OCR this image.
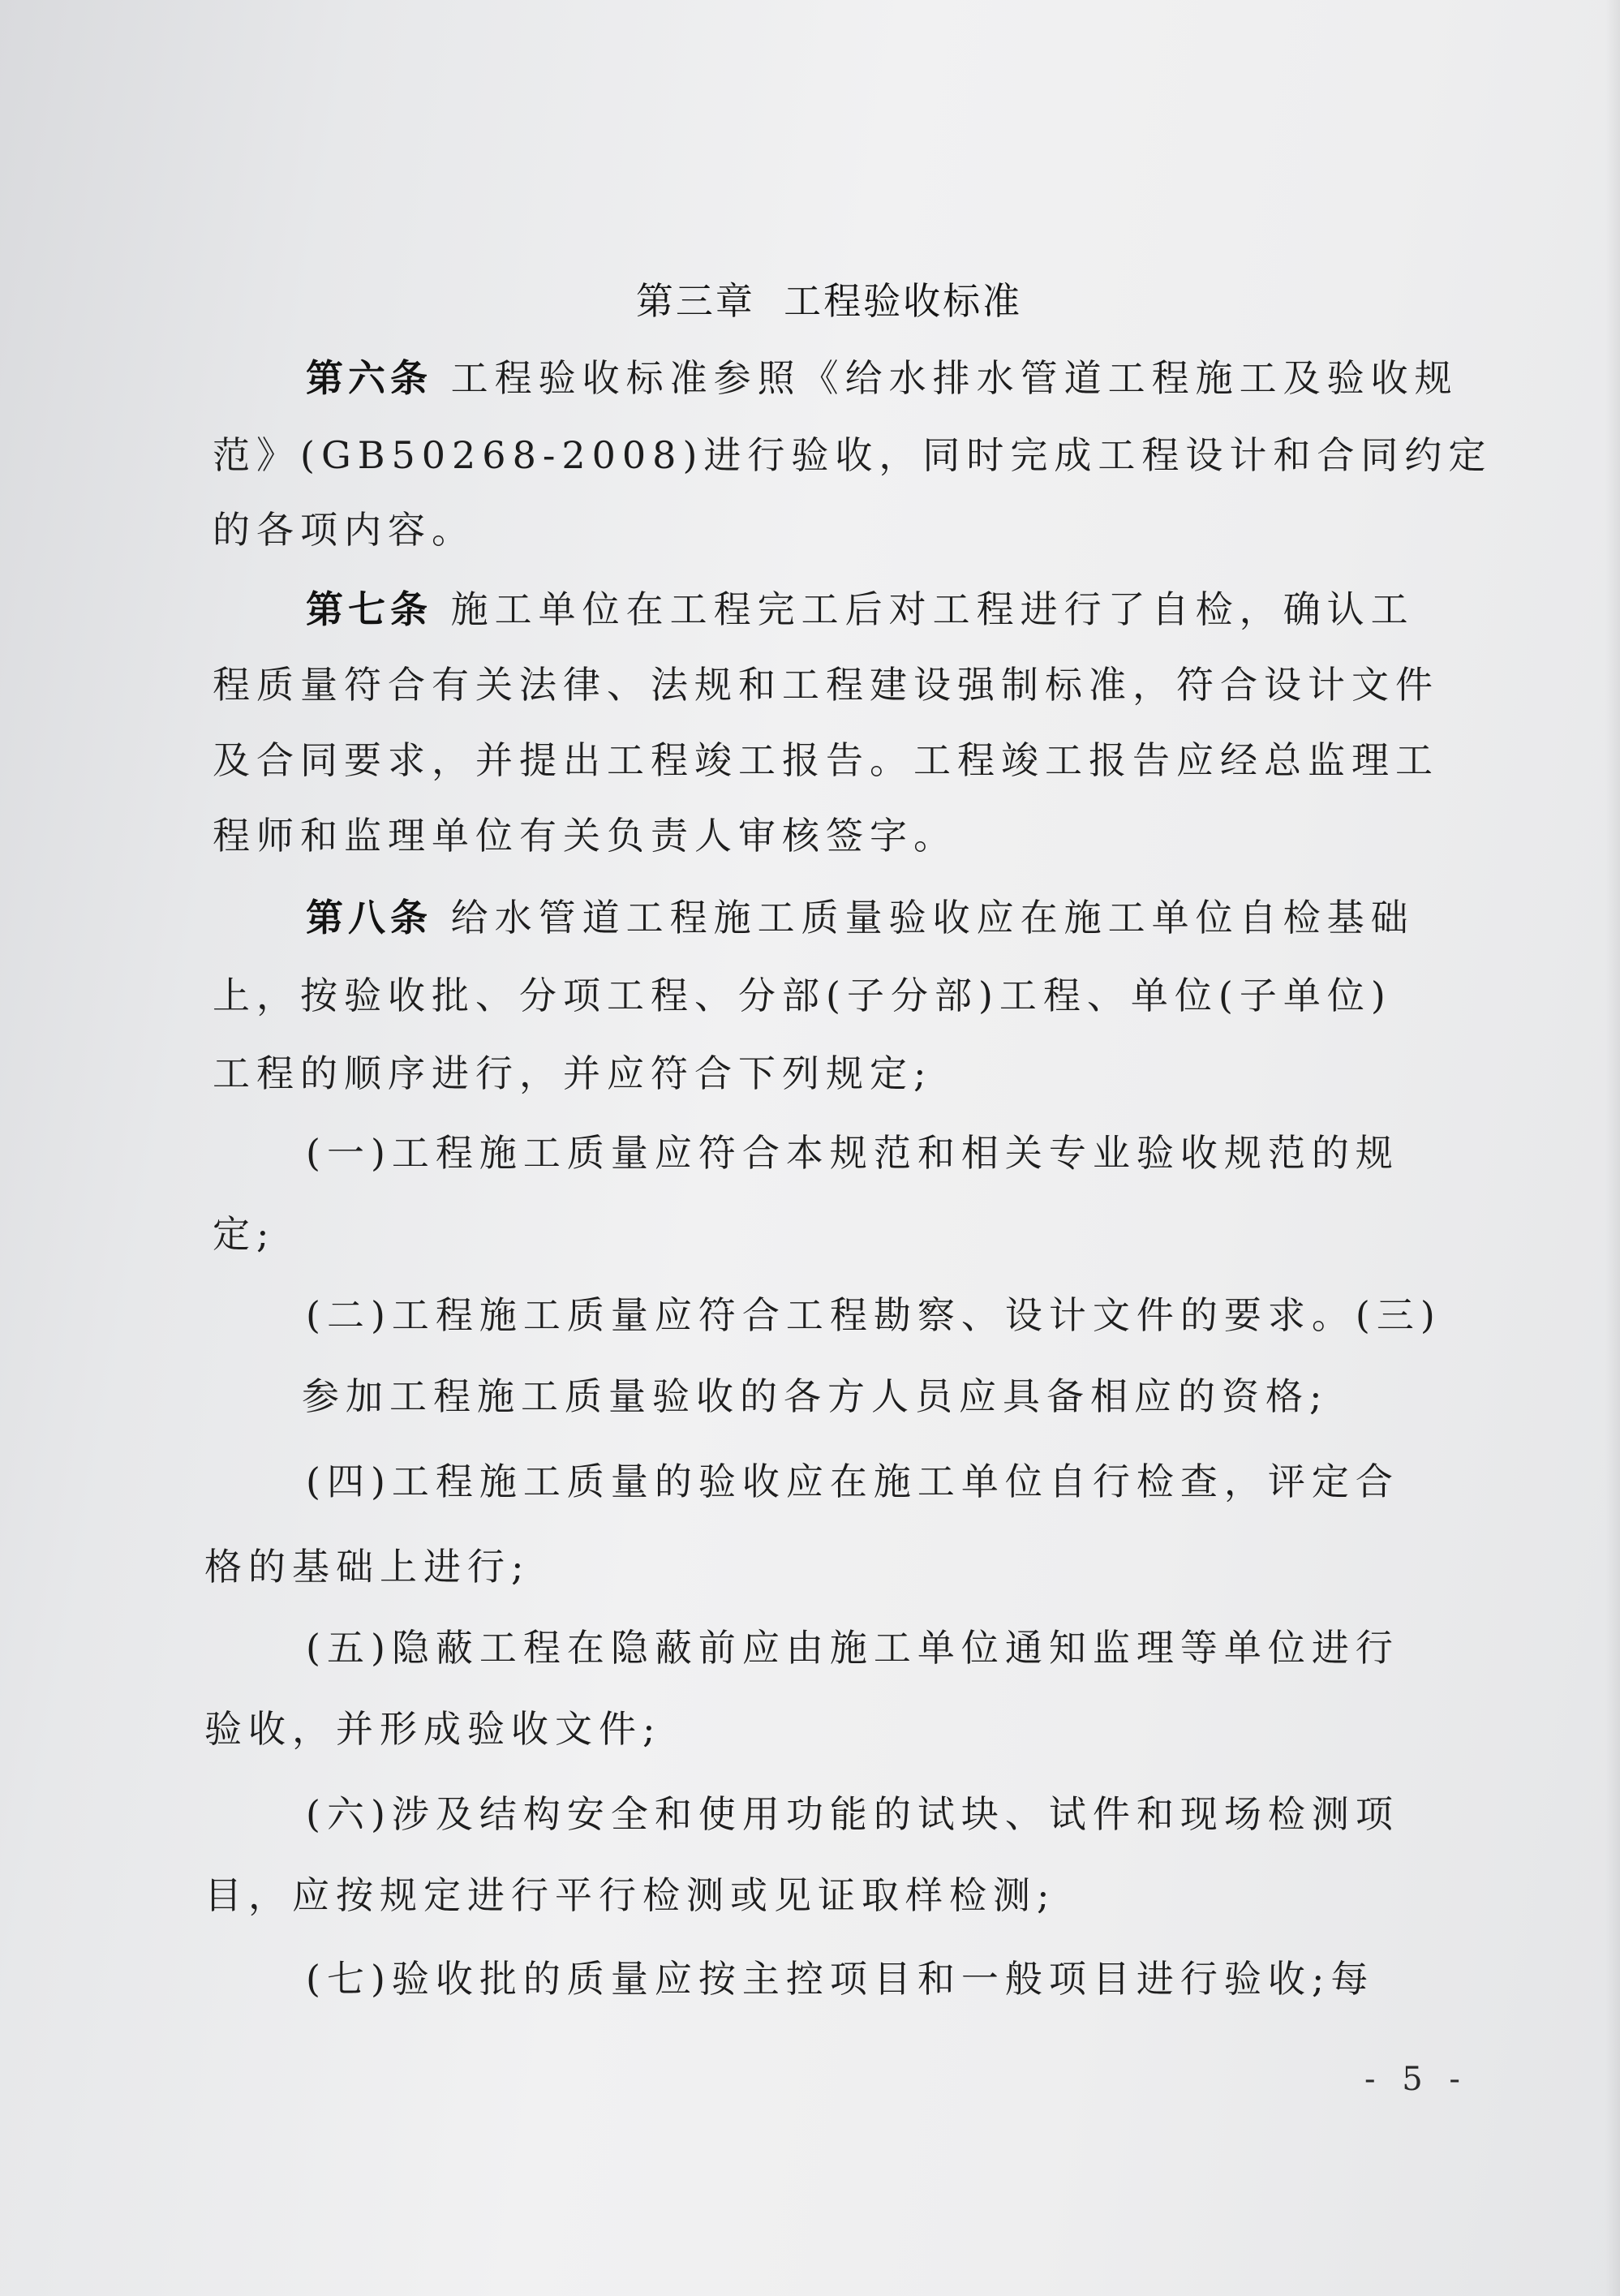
第三章  工程验收标准
第六条 工程验收标准参照《给水排水管道工程施工及验收规
范》(GB50268-2008)进行验收，同时完成工程设计和合同约定
的各项内容。
第七条 施工单位在工程完工后对工程进行了自检，确认工
程质量符合有关法律、法规和工程建设强制标准，符合设计文件
及合同要求，并提出工程竣工报告。工程竣工报告应经总监理工
程师和监理单位有关负责人审核签字。
第八条 给水管道工程施工质量验收应在施工单位自检基础
上，按验收批、分项工程、分部(子分部)工程、单位(子单位)
工程的顺序进行，并应符合下列规定;
(一)工程施工质量应符合本规范和相关专业验收规范的规
定;
(二)工程施工质量应符合工程勘察、设计文件的要求。(三)
参加工程施工质量验收的各方人员应具备相应的资格;
(四)工程施工质量的验收应在施工单位自行检查，评定合
格的基础上进行;
(五)隐蔽工程在隐蔽前应由施工单位通知监理等单位进行
验收，并形成验收文件;
(六)涉及结构安全和使用功能的试块、试件和现场检测项
目，应按规定进行平行检测或见证取样检测;
(七)验收批的质量应按主控项目和一般项目进行验收;每
- 5 -
